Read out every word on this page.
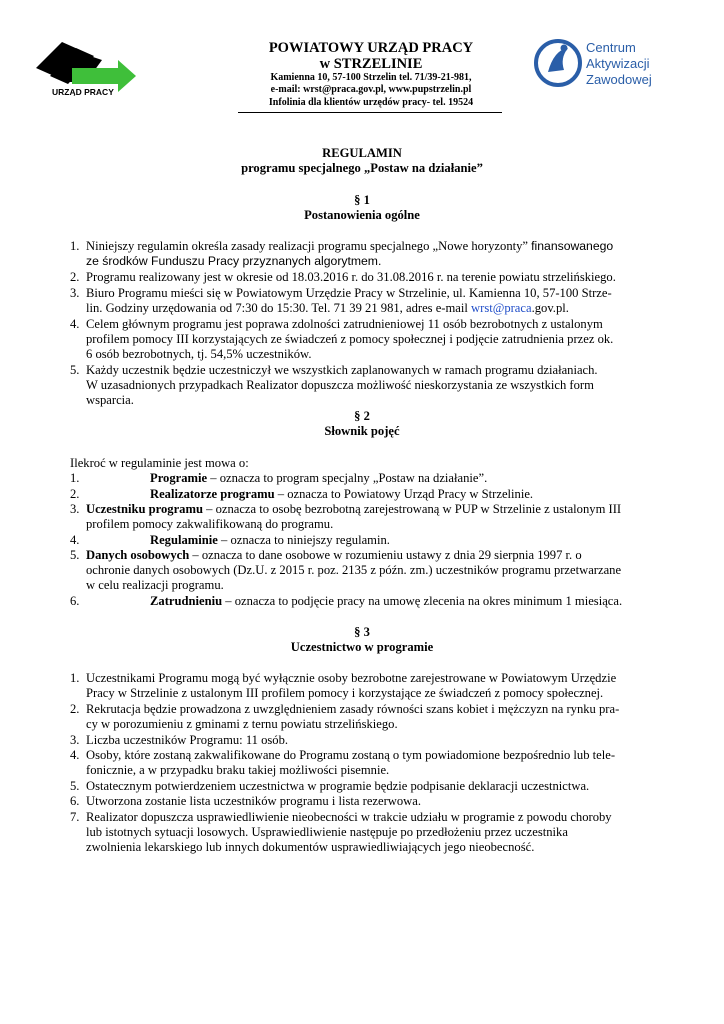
URZĄD PRACY
POWIATOWY URZĄD PRACY
w STRZELINIE
Kamienna 10, 57-100 Strzelin tel. 71/39-21-981,
e-mail: wrst@praca.gov.pl, www.pupstrzelin.pl
Infolinia dla klientów urzędów pracy- tel. 19524
Centrum
Aktywizacji
Zawodowej
REGULAMIN
programu specjalnego „Postaw na działanie”
§ 1
Postanowienia ogólne
1. Niniejszy regulamin określa zasady realizacji programu specjalnego „Nowe horyzonty” finansowanego
ze środków Funduszu Pracy przyznanych algorytmem.
2. Programu realizowany jest w okresie od 18.03.2016 r. do 31.08.2016 r. na terenie powiatu strzelińskiego.
3. Biuro Programu mieści się w Powiatowym Urzędzie Pracy w Strzelinie, ul. Kamienna 10, 57-100 Strze-
lin. Godziny urzędowania od 7:30 do 15:30. Tel. 71 39 21 981, adres e-mail wrst@praca.gov.pl.
4. Celem głównym programu jest poprawa zdolności zatrudnieniowej 11 osób bezrobotnych z ustalonym
profilem pomocy III korzystających ze świadczeń z pomocy społecznej i podjęcie zatrudnienia przez ok.
6 osób bezrobotnych, tj. 54,5% uczestników.
5. Każdy uczestnik będzie uczestniczył we wszystkich zaplanowanych w ramach programu działaniach.
W uzasadnionych przypadkach Realizator dopuszcza możliwość nieskorzystania ze wszystkich form
wsparcia.
§ 2
Słownik pojęć
Ilekroć w regulaminie jest mowa o:
1.	Programie – oznacza to program specjalny „Postaw na działanie”.
2.	Realizatorze programu – oznacza to Powiatowy Urząd Pracy w Strzelinie.
3. Uczestniku programu – oznacza to osobę bezrobotną zarejestrowaną w PUP w Strzelinie z ustalonym III
profilem pomocy zakwalifikowaną do programu.
4.	Regulaminie – oznacza to niniejszy regulamin.
5. Danych osobowych – oznacza to dane osobowe w rozumieniu ustawy z dnia 29 sierpnia 1997 r. o
ochronie danych osobowych (Dz.U. z 2015 r. poz. 2135 z późn. zm.) uczestników programu przetwarzane
w celu realizacji programu.
6.	Zatrudnieniu – oznacza to podjęcie pracy na umowę zlecenia na okres minimum 1 miesiąca.
§ 3
Uczestnictwo w programie
1. Uczestnikami Programu mogą być wyłącznie osoby bezrobotne zarejestrowane w Powiatowym Urzędzie
Pracy w Strzelinie z ustalonym III profilem pomocy i korzystające ze świadczeń z pomocy społecznej.
2. Rekrutacja będzie prowadzona z uwzględnieniem zasady równości szans kobiet i mężczyzn na rynku pra-
cy w porozumieniu z gminami z ternu powiatu strzelińskiego.
3. Liczba uczestników Programu: 11 osób.
4. Osoby, które zostaną zakwalifikowane do Programu zostaną o tym powiadomione bezpośrednio lub tele-
fonicznie, a w przypadku braku takiej możliwości pisemnie.
5. Ostatecznym potwierdzeniem uczestnictwa w programie będzie podpisanie deklaracji uczestnictwa.
6. Utworzona zostanie lista uczestników programu i lista rezerwowa.
7. Realizator dopuszcza usprawiedliwienie nieobecności w trakcie udziału w programie z powodu choroby
lub istotnych sytuacji losowych. Usprawiedliwienie następuje po przedłożeniu przez uczestnika
zwolnienia lekarskiego lub innych dokumentów usprawiedliwiających jego nieobecność.
